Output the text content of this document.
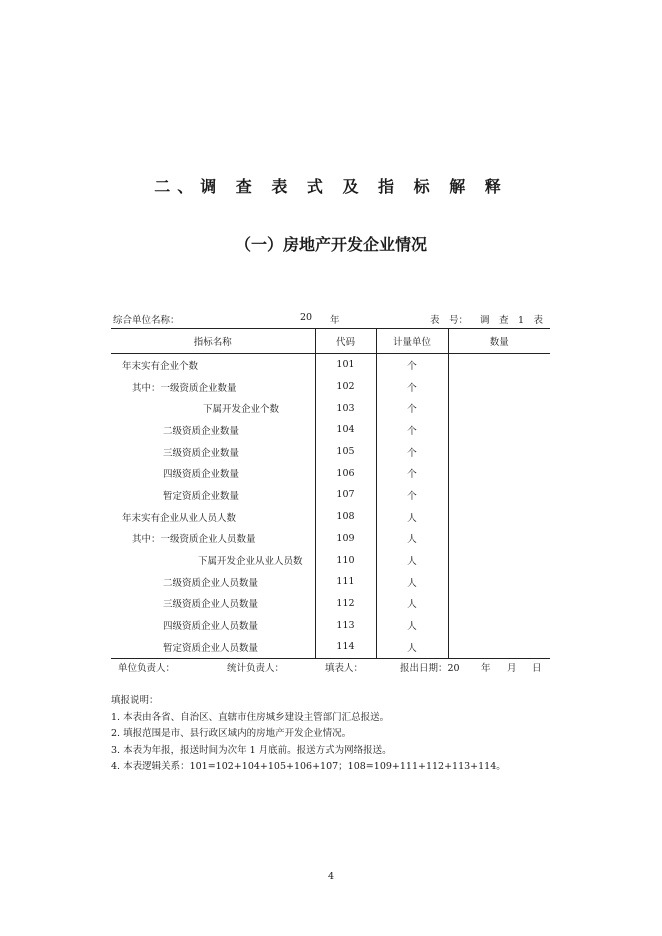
二、调 查 表 式 及 指 标 解 释
（一）房地产开发企业情况
综合单位名称：	20 年	表　号： 调　查　1　表
指标名称	代码	计量单位	数量
年末实有企业个数	101	个	
其中：一级资质企业数量	102	个	
下属开发企业个数	103	个	
二级资质企业数量	104	个	
三级资质企业数量	105	个	
四级资质企业数量	106	个	
暂定资质企业数量	107	个	
年末实有企业从业人员人数	108	人	
其中：一级资质企业人员数量	109	人	
下属开发企业从业人员数	110	人	
二级资质企业人员数量	111	人	
三级资质企业人员数量	112	人	
四级资质企业人员数量	113	人	
暂定资质企业人员数量	114	人	
单位负责人：	统计负责人：	填表人：	报出日期：20 年 月 日
填报说明：
1. 本表由各省、自治区、直辖市住房城乡建设主管部门汇总报送。
2. 填报范围是市、县行政区域内的房地产开发企业情况。
3. 本表为年报，报送时间为次年 1 月底前。报送方式为网络报送。
4. 本表逻辑关系：101=102+104+105+106+107；108=109+111+112+113+114。
4
